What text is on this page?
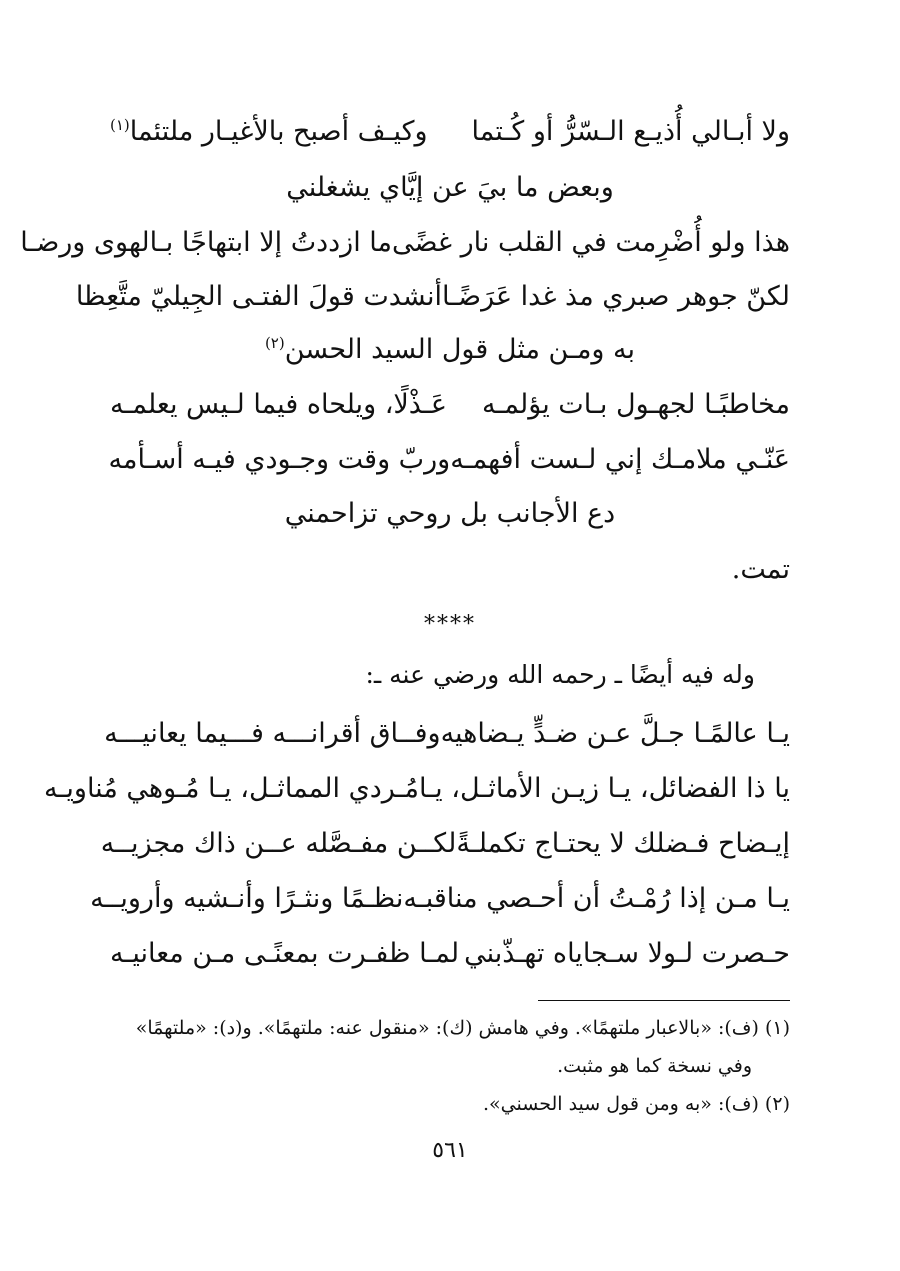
ولا أبـالي أُذيـع الـسّرُّ أو كُـتما
وكيـف أصبح بالأغيـار ملتئما$^{(١)}$
وبعض ما بيَ عن إيَّاي يشغلني
هذا ولو أُضْرِمت في القلب نار غضًى
ما ازددتُ إلا ابتهاجًا بـالهوى ورضـا
لكنّ جوهر صبري مذ غدا عَرَضًـا
أنشدت قولَ الفتـى الجِيليّ متَّعِظا
به ومـن مثل قول السيد الحسن$^{(٢)}$
مخاطبًـا لجهـول بـات يؤلمـه
عَـذْلًا، ويلحاه فيما لـيس يعلمـه
عَنّـي ملامـك إني لـست أفهمـه
وربّ وقت وجـودي فيـه أسـأمه
دع الأجانب بل روحي تزاحمني
تمت.
****
وله فيه أيضًا ـ رحمه الله ورضي عنه ـ:
يـا عالمًـا جـلَّ عـن ضـدٍّ يـضاهيه
وفــاق أقرانـــه فـــيما يعانيـــه
يا ذا الفضائل، يـا زيـن الأماثـل، يـا
مُـردي المماثـل، يـا مُـوهي مُناويـه
إيـضاح فـضلك لا يحتـاج تكملـةً
لكــن مفـصَّله عــن ذاك مجزيــه
يـا مـن إذا رُمْـتُ أن أحـصي مناقبـه
نظـمًا ونثـرًا وأنـشيه وأرويــه
حـصرت لـولا سـجاياه تهـذّبني
لمـا ظفـرت بمعنًـى مـن معانيـه
(١) (ف): «بالاعبار ملتهمًا». وفي هامش (ك): «منقول عنه: ملتهمًا». و(د): «ملتهمًا»
وفي نسخة كما هو مثبت.
(٢) (ف): «به ومن قول سيد الحسني».
٥٦١
